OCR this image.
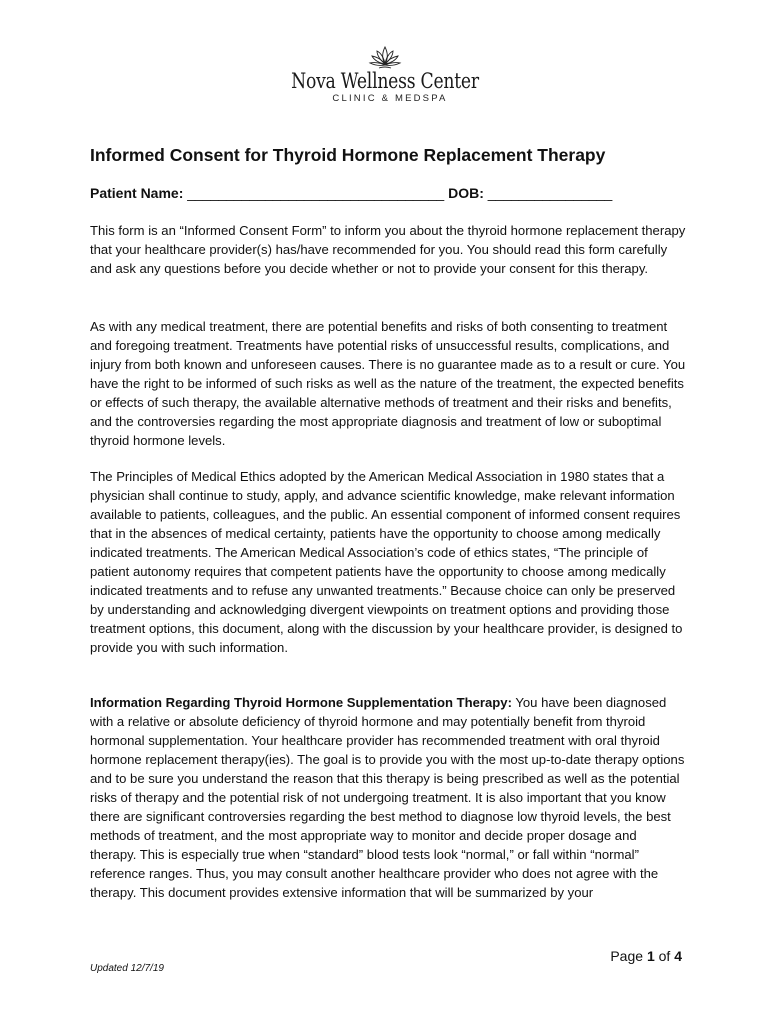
Nova Wellness Center
CLINIC & MEDSPA
Informed Consent for Thyroid Hormone Replacement Therapy
Patient Name: _________________________________ DOB: ________________

This form is an “Informed Consent Form” to inform you about the thyroid hormone replacement therapy that your healthcare provider(s) has/have recommended for you. You should read this form carefully and ask any questions before you decide whether or not to provide your consent for this therapy.

As with any medical treatment, there are potential benefits and risks of both consenting to treatment and foregoing treatment. Treatments have potential risks of unsuccessful results, complications, and injury from both known and unforeseen causes. There is no guarantee made as to a result or cure. You have the right to be informed of such risks as well as the nature of the treatment, the expected benefits or effects of such therapy, the available alternative methods of treatment and their risks and benefits, and the controversies regarding the most appropriate diagnosis and treatment of low or suboptimal thyroid hormone levels.

The Principles of Medical Ethics adopted by the American Medical Association in 1980 states that a physician shall continue to study, apply, and advance scientific knowledge, make relevant information available to patients, colleagues, and the public. An essential component of informed consent requires that in the absences of medical certainty, patients have the opportunity to choose among medically indicated treatments. The American Medical Association’s code of ethics states, “The principle of patient autonomy requires that competent patients have the opportunity to choose among medically indicated treatments and to refuse any unwanted treatments.” Because choice can only be preserved by understanding and acknowledging divergent viewpoints on treatment options and providing those treatment options, this document, along with the discussion by your healthcare provider, is designed to provide you with such information.

Information Regarding Thyroid Hormone Supplementation Therapy: You have been diagnosed with a relative or absolute deficiency of thyroid hormone and may potentially benefit from thyroid hormonal supplementation. Your healthcare provider has recommended treatment with oral thyroid hormone replacement therapy(ies). The goal is to provide you with the most up-to-date therapy options and to be sure you understand the reason that this therapy is being prescribed as well as the potential risks of therapy and the potential risk of not undergoing treatment. It is also important that you know there are significant controversies regarding the best method to diagnose low thyroid levels, the best methods of treatment, and the most appropriate way to monitor and decide proper dosage and therapy. This is especially true when “standard” blood tests look “normal,” or fall within “normal” reference ranges. Thus, you may consult another healthcare provider who does not agree with the therapy. This document provides extensive information that will be summarized by your

Page 1 of 4
Updated 12/7/19
